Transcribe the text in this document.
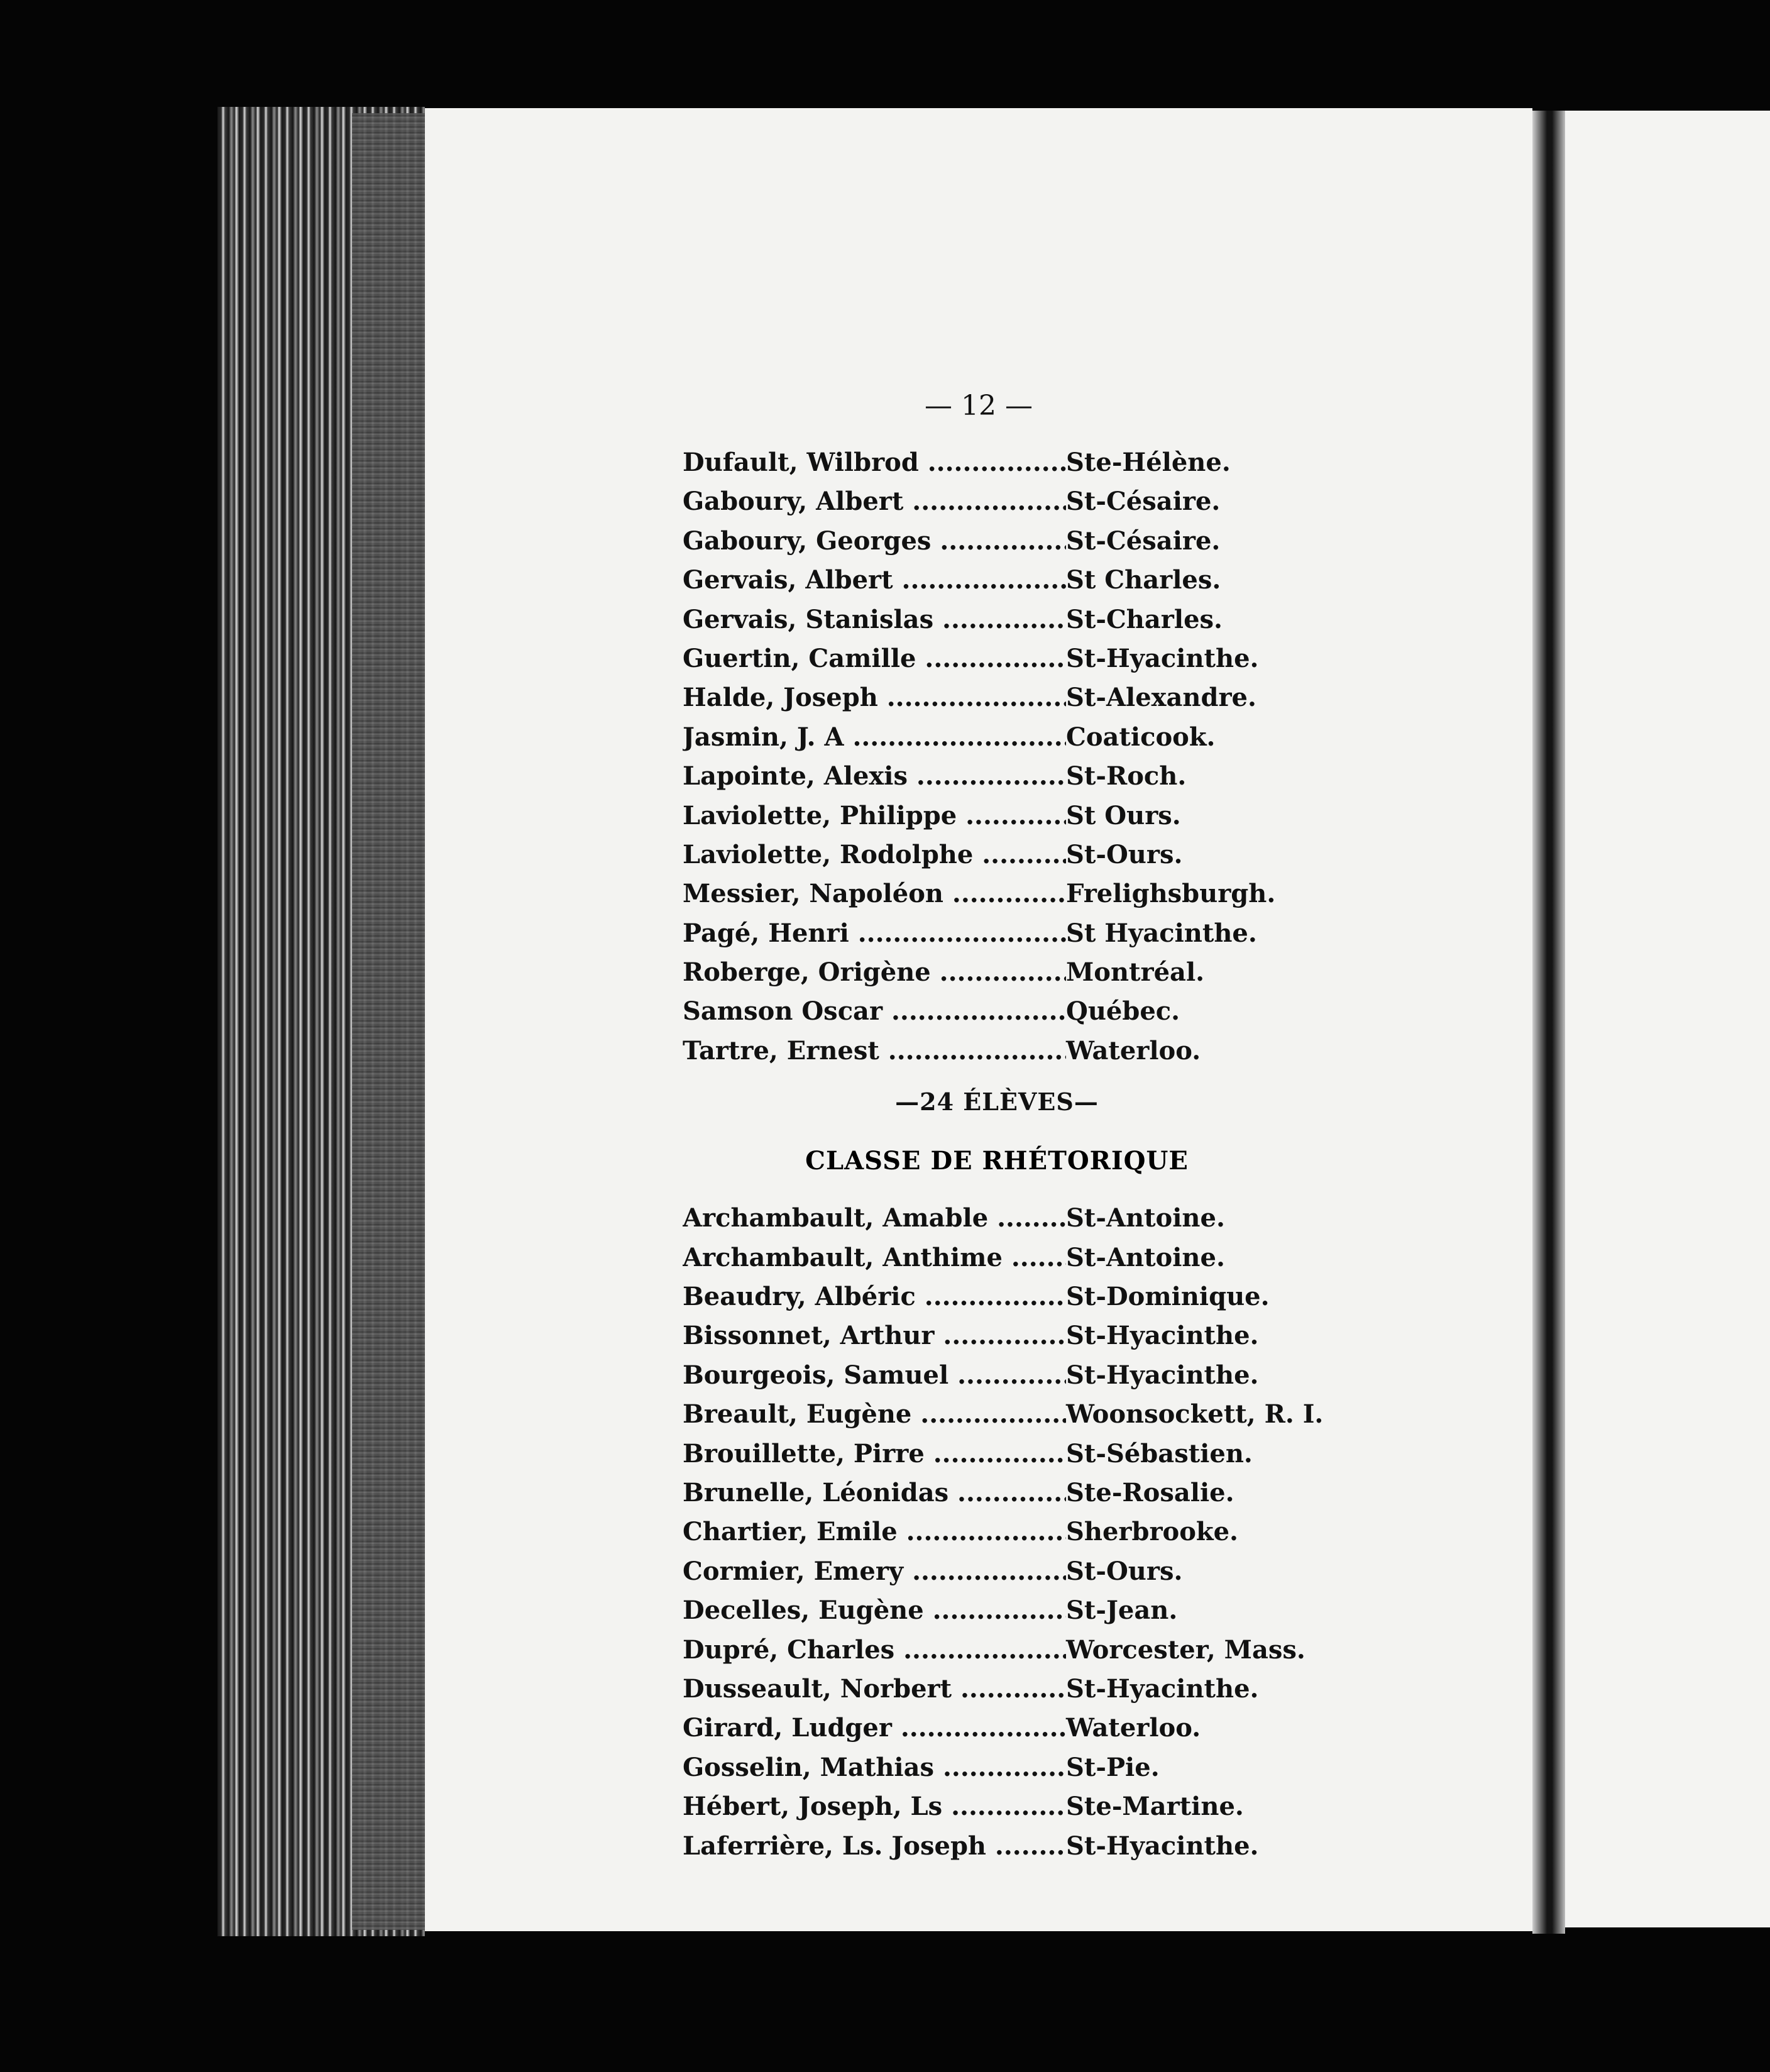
— 12 —
Dufault, Wilbrod .....	Ste-Hélène.
Gaboury, Albert .....	St-Césaire.
Gaboury, Georges .....	St-Césaire.
Gervais, Albert .....	St Charles.
Gervais, Stanislas .....	St-Charles.
Guertin, Camille .....	St-Hyacinthe.
Halde, Joseph .....	St-Alexandre.
Jasmin, J. A .....	Coaticook.
Lapointe, Alexis .....	St-Roch.
Laviolette, Philippe .....	St Ours.
Laviolette, Rodolphe .....	St-Ours.
Messier, Napoléon .....	Frelighsburgh.
Pagé, Henri .....	St Hyacinthe.
Roberge, Origène .....	Montréal.
Samson Oscar .....	Québec.
Tartre, Ernest .....	Waterloo.
—24 ÉLÈVES—
CLASSE DE RHÉTORIQUE
Archambault, Amable .....	St-Antoine.
Archambault, Anthime .....	St-Antoine.
Beaudry, Albéric .....	St-Dominique.
Bissonnet, Arthur .....	St-Hyacinthe.
Bourgeois, Samuel .....	St-Hyacinthe.
Breault, Eugène .....	Woonsockett, R. I.
Brouillette, Pirre .....	St-Sébastien.
Brunelle, Léonidas .....	Ste-Rosalie.
Chartier, Emile .....	Sherbrooke.
Cormier, Emery .....	St-Ours.
Decelles, Eugène .....	St-Jean.
Dupré, Charles .....	Worcester, Mass.
Dusseault, Norbert .....	St-Hyacinthe.
Girard, Ludger .....	Waterloo.
Gosselin, Mathias .....	St-Pie.
Hébert, Joseph, Ls .....	Ste-Martine.
Laferrière, Ls. Joseph .....	St-Hyacinthe.
